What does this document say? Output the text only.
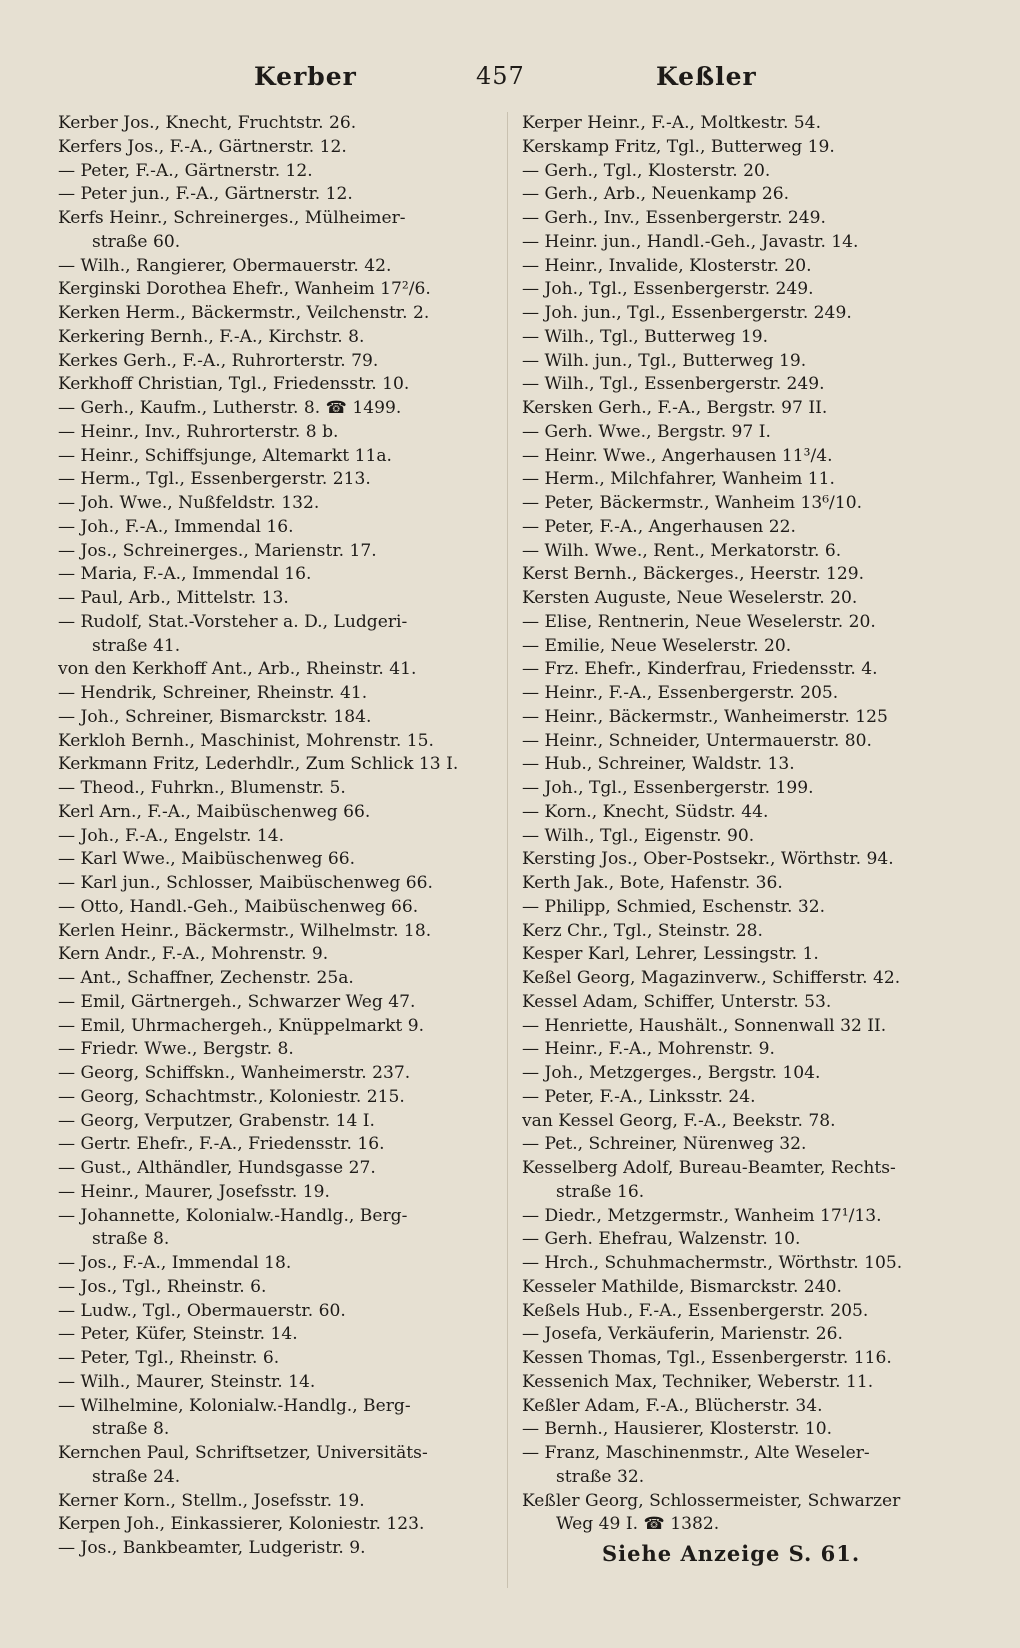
Kerber	457	Keßler
Kerber Jos., Knecht, Fruchtstr. 26.
Kerfers Jos., F.-A., Gärtnerstr. 12.
— Peter, F.-A., Gärtnerstr. 12.
— Peter jun., F.-A., Gärtnerstr. 12.
Kerfs Heinr., Schreinerges., Mülheimer-
straße 60.
— Wilh., Rangierer, Obermauerstr. 42.
Kerginski Dorothea Ehefr., Wanheim 17²/6.
Kerken Herm., Bäckermstr., Veilchenstr. 2.
Kerkering Bernh., F.-A., Kirchstr. 8.
Kerkes Gerh., F.-A., Ruhrorterstr. 79.
Kerkhoff Christian, Tgl., Friedensstr. 10.
— Gerh., Kaufm., Lutherstr. 8. ☎ 1499.
— Heinr., Inv., Ruhrorterstr. 8 b.
— Heinr., Schiffsjunge, Altemarkt 11a.
— Herm., Tgl., Essenbergerstr. 213.
— Joh. Wwe., Nußfeldstr. 132.
— Joh., F.-A., Immendal 16.
— Jos., Schreinerges., Marienstr. 17.
— Maria, F.-A., Immendal 16.
— Paul, Arb., Mittelstr. 13.
— Rudolf, Stat.-Vorsteher a. D., Ludgeri-
straße 41.
von den Kerkhoff Ant., Arb., Rheinstr. 41.
— Hendrik, Schreiner, Rheinstr. 41.
— Joh., Schreiner, Bismarckstr. 184.
Kerkloh Bernh., Maschinist, Mohrenstr. 15.
Kerkmann Fritz, Lederhdlr., Zum Schlick 13 I.
— Theod., Fuhrkn., Blumenstr. 5.
Kerl Arn., F.-A., Maibüschenweg 66.
— Joh., F.-A., Engelstr. 14.
— Karl Wwe., Maibüschenweg 66.
— Karl jun., Schlosser, Maibüschenweg 66.
— Otto, Handl.-Geh., Maibüschenweg 66.
Kerlen Heinr., Bäckermstr., Wilhelmstr. 18.
Kern Andr., F.-A., Mohrenstr. 9.
— Ant., Schaffner, Zechenstr. 25a.
— Emil, Gärtnergeh., Schwarzer Weg 47.
— Emil, Uhrmachergeh., Knüppelmarkt 9.
— Friedr. Wwe., Bergstr. 8.
— Georg, Schiffskn., Wanheimerstr. 237.
— Georg, Schachtmstr., Koloniestr. 215.
— Georg, Verputzer, Grabenstr. 14 I.
— Gertr. Ehefr., F.-A., Friedensstr. 16.
— Gust., Althändler, Hundsgasse 27.
— Heinr., Maurer, Josefsstr. 19.
— Johannette, Kolonialw.-Handlg., Berg-
straße 8.
— Jos., F.-A., Immendal 18.
— Jos., Tgl., Rheinstr. 6.
— Ludw., Tgl., Obermauerstr. 60.
— Peter, Küfer, Steinstr. 14.
— Peter, Tgl., Rheinstr. 6.
— Wilh., Maurer, Steinstr. 14.
— Wilhelmine, Kolonialw.-Handlg., Berg-
straße 8.
Kernchen Paul, Schriftsetzer, Universitäts-
straße 24.
Kerner Korn., Stellm., Josefsstr. 19.
Kerpen Joh., Einkassierer, Koloniestr. 123.
— Jos., Bankbeamter, Ludgeristr. 9.
Kerper Heinr., F.-A., Moltkestr. 54.
Kerskamp Fritz, Tgl., Butterweg 19.
— Gerh., Tgl., Klosterstr. 20.
— Gerh., Arb., Neuenkamp 26.
— Gerh., Inv., Essenbergerstr. 249.
— Heinr. jun., Handl.-Geh., Javastr. 14.
— Heinr., Invalide, Klosterstr. 20.
— Joh., Tgl., Essenbergerstr. 249.
— Joh. jun., Tgl., Essenbergerstr. 249.
— Wilh., Tgl., Butterweg 19.
— Wilh. jun., Tgl., Butterweg 19.
— Wilh., Tgl., Essenbergerstr. 249.
Kersken Gerh., F.-A., Bergstr. 97 II.
— Gerh. Wwe., Bergstr. 97 I.
— Heinr. Wwe., Angerhausen 11³/4.
— Herm., Milchfahrer, Wanheim 11.
— Peter, Bäckermstr., Wanheim 13⁶/10.
— Peter, F.-A., Angerhausen 22.
— Wilh. Wwe., Rent., Merkatorstr. 6.
Kerst Bernh., Bäckerges., Heerstr. 129.
Kersten Auguste, Neue Weselerstr. 20.
— Elise, Rentnerin, Neue Weselerstr. 20.
— Emilie, Neue Weselerstr. 20.
— Frz. Ehefr., Kinderfrau, Friedensstr. 4.
— Heinr., F.-A., Essenbergerstr. 205.
— Heinr., Bäckermstr., Wanheimerstr. 125
— Heinr., Schneider, Untermauerstr. 80.
— Hub., Schreiner, Waldstr. 13.
— Joh., Tgl., Essenbergerstr. 199.
— Korn., Knecht, Südstr. 44.
— Wilh., Tgl., Eigenstr. 90.
Kersting Jos., Ober-Postsekr., Wörthstr. 94.
Kerth Jak., Bote, Hafenstr. 36.
— Philipp, Schmied, Eschenstr. 32.
Kerz Chr., Tgl., Steinstr. 28.
Kesper Karl, Lehrer, Lessingstr. 1.
Keßel Georg, Magazinverw., Schifferstr. 42.
Kessel Adam, Schiffer, Unterstr. 53.
— Henriette, Haushält., Sonnenwall 32 II.
— Heinr., F.-A., Mohrenstr. 9.
— Joh., Metzgerges., Bergstr. 104.
— Peter, F.-A., Linksstr. 24.
van Kessel Georg, F.-A., Beekstr. 78.
— Pet., Schreiner, Nürenweg 32.
Kesselberg Adolf, Bureau-Beamter, Rechts-
straße 16.
— Diedr., Metzgermstr., Wanheim 17¹/13.
— Gerh. Ehefrau, Walzenstr. 10.
— Hrch., Schuhmachermstr., Wörthstr. 105.
Kesseler Mathilde, Bismarckstr. 240.
Keßels Hub., F.-A., Essenbergerstr. 205.
— Josefa, Verkäuferin, Marienstr. 26.
Kessen Thomas, Tgl., Essenbergerstr. 116.
Kessenich Max, Techniker, Weberstr. 11.
Keßler Adam, F.-A., Blücherstr. 34.
— Bernh., Hausierer, Klosterstr. 10.
— Franz, Maschinenmstr., Alte Weseler-
straße 32.
Keßler Georg, Schlossermeister, Schwarzer
Weg 49 I. ☎ 1382.
Siehe Anzeige S. 61.
